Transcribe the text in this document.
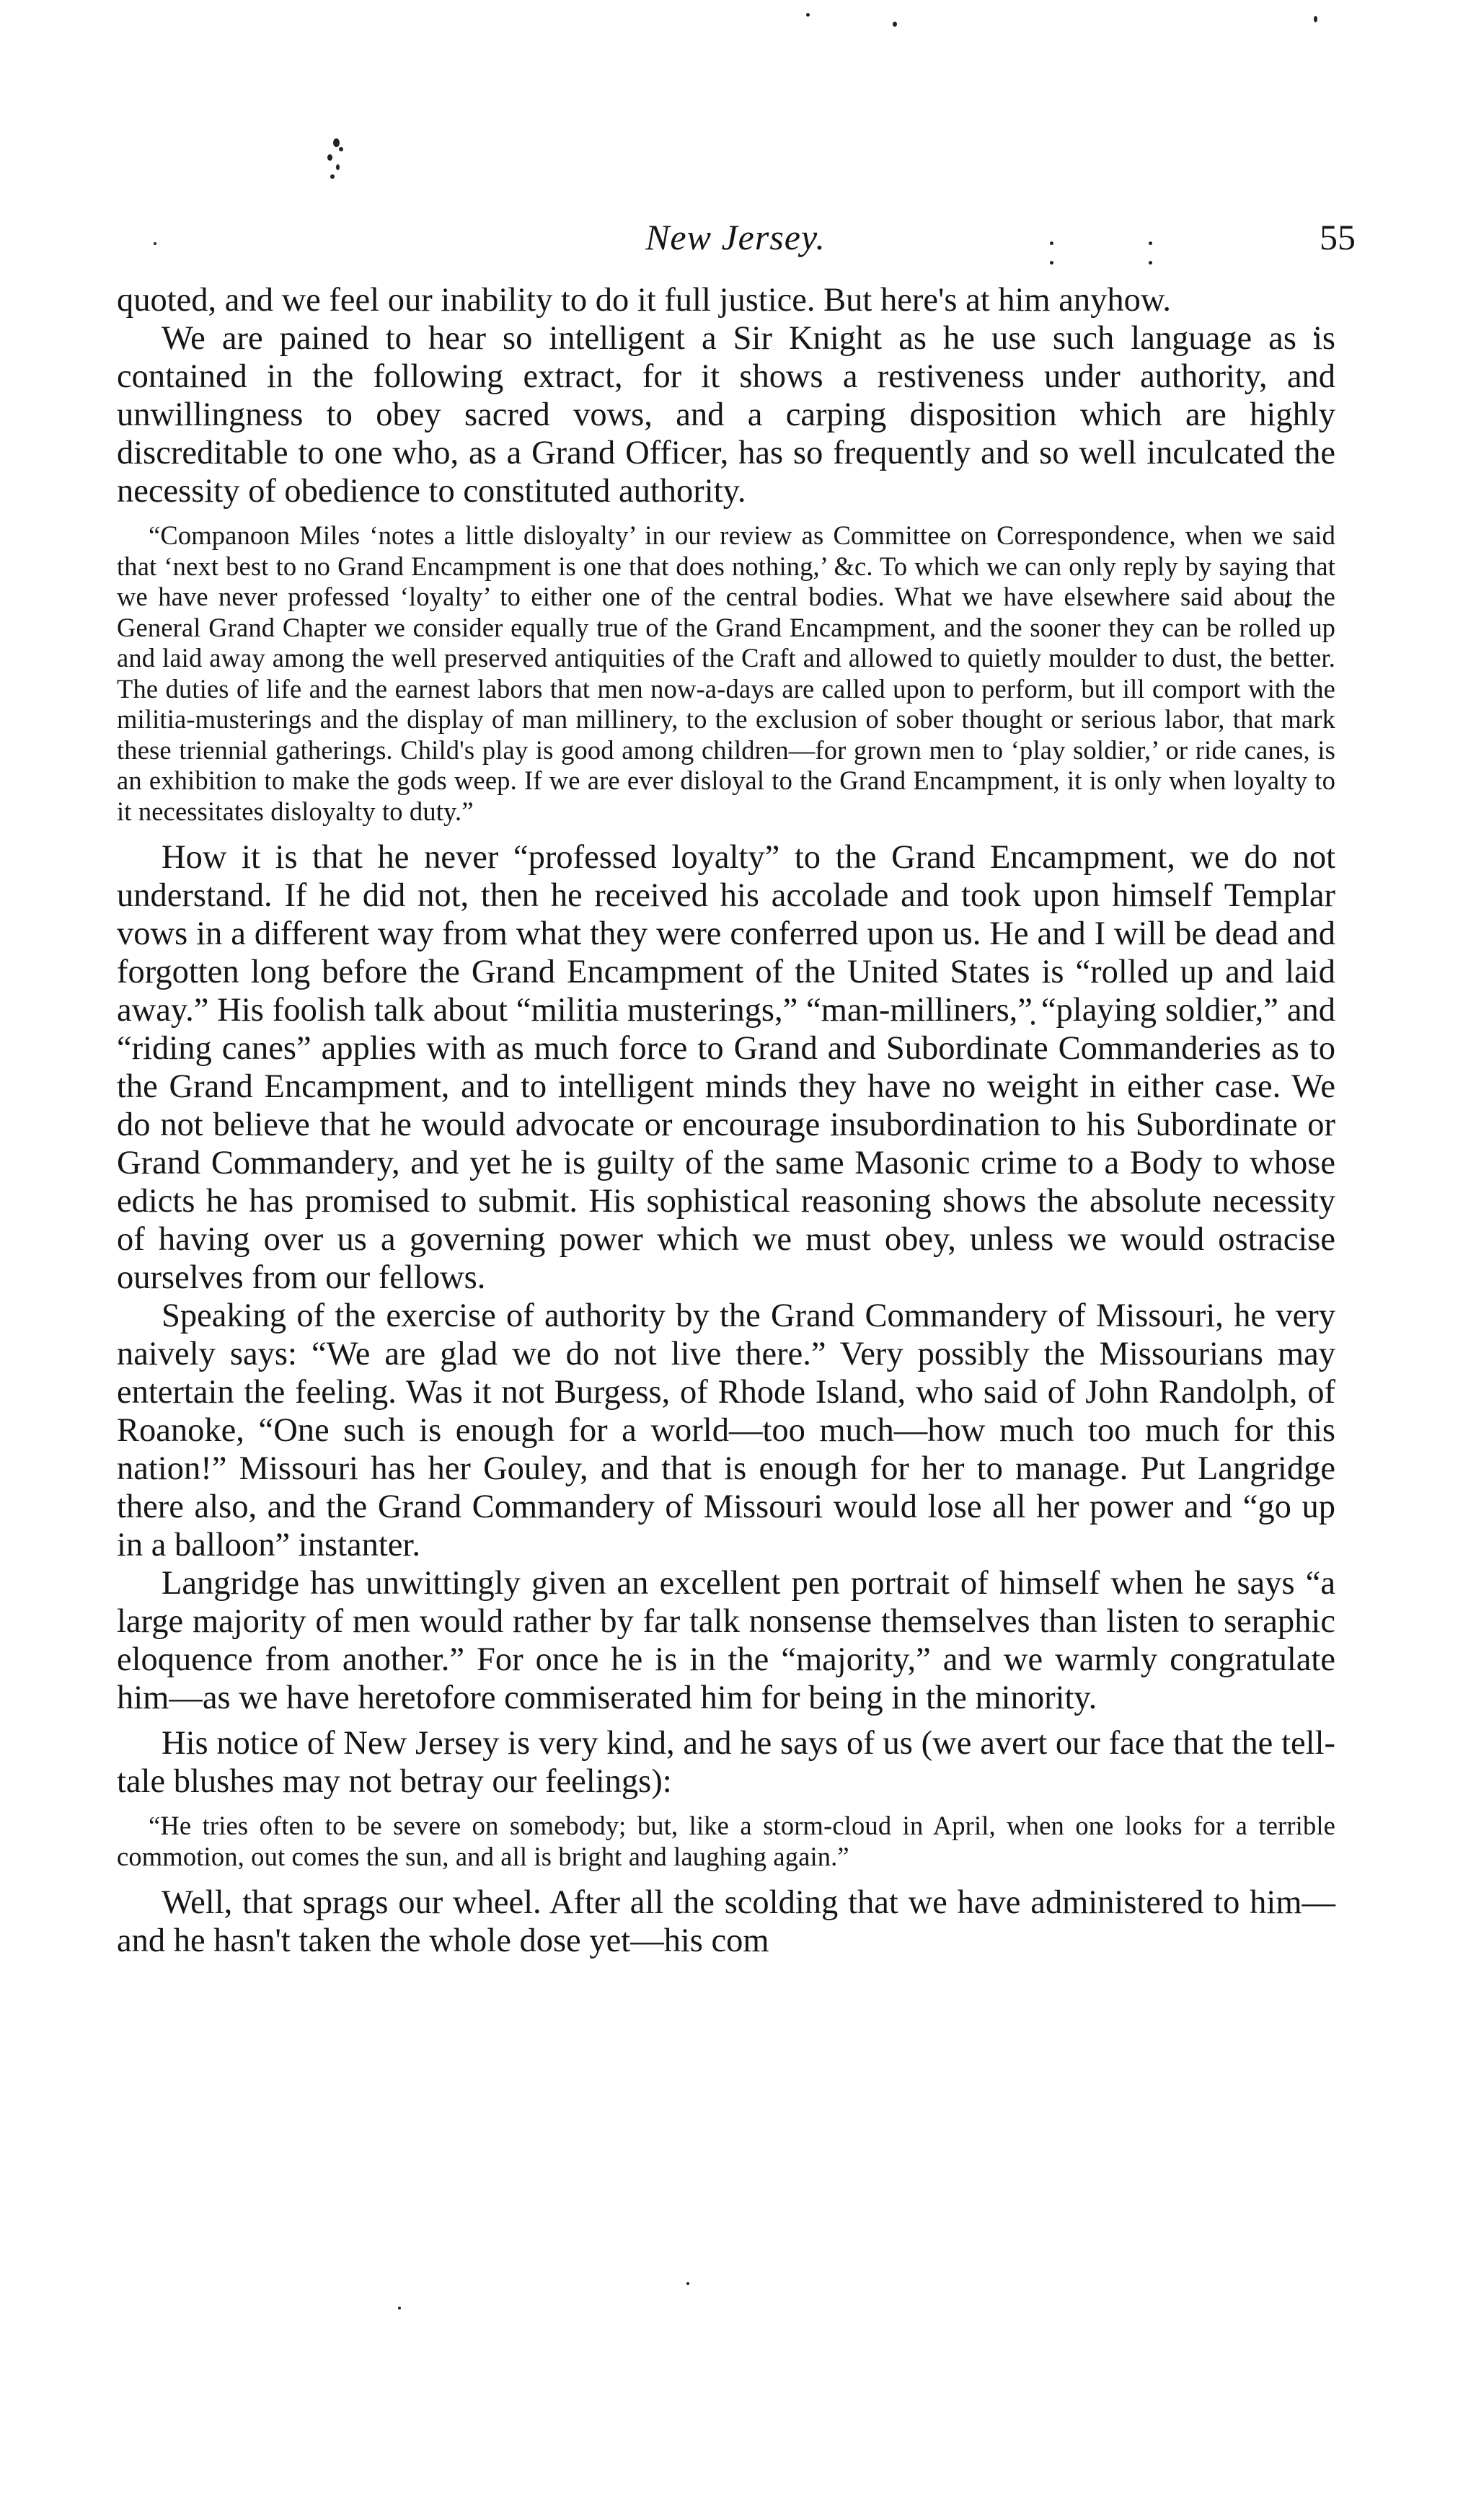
New Jersey.	55

quoted, and we feel our inability to do it full justice. But here's at him anyhow.

We are pained to hear so intelligent a Sir Knight as he use such language as is contained in the following extract, for it shows a restiveness under authority, and unwillingness to obey sacred vows, and a carping disposition which are highly discreditable to one who, as a Grand Officer, has so frequently and so well inculcated the necessity of obedience to constituted authority.

“Companoon Miles ‘notes a little disloyalty’ in our review as Committee on Correspondence, when we said that ‘next best to no Grand Encampment is one that does nothing,’ &c. To which we can only reply by saying that we have never professed ‘loyalty’ to either one of the central bodies. What we have elsewhere said about the General Grand Chapter we consider equally true of the Grand Encampment, and the sooner they can be rolled up and laid away among the well preserved antiquities of the Craft and allowed to quietly moulder to dust, the better. The duties of life and the earnest labors that men now-a-days are called upon to perform, but ill comport with the militia-musterings and the display of man millinery, to the exclusion of sober thought or serious labor, that mark these triennial gatherings. Child's play is good among children—for grown men to ‘play soldier,’ or ride canes, is an exhibition to make the gods weep. If we are ever disloyal to the Grand Encampment, it is only when loyalty to it necessitates disloyalty to duty.”

How it is that he never “professed loyalty” to the Grand Encampment, we do not understand. If he did not, then he received his accolade and took upon himself Templar vows in a different way from what they were conferred upon us. He and I will be dead and forgotten long before the Grand Encampment of the United States is “rolled up and laid away.” His foolish talk about “militia musterings,” “man-milliners,” “playing soldier,” and “riding canes” applies with as much force to Grand and Subordinate Commanderies as to the Grand Encampment, and to intelligent minds they have no weight in either case. We do not believe that he would advocate or encourage insubordination to his Subordinate or Grand Commandery, and yet he is guilty of the same Masonic crime to a Body to whose edicts he has promised to submit. His sophistical reasoning shows the absolute necessity of having over us a governing power which we must obey, unless we would ostracise ourselves from our fellows.

Speaking of the exercise of authority by the Grand Commandery of Missouri, he very naively says: “We are glad we do not live there.” Very possibly the Missourians may entertain the feeling. Was it not Burgess, of Rhode Island, who said of John Randolph, of Roanoke, “One such is enough for a world—too much—how much too much for this nation!” Missouri has her Gouley, and that is enough for her to manage. Put Langridge there also, and the Grand Commandery of Missouri would lose all her power and “go up in a balloon” instanter.

Langridge has unwittingly given an excellent pen portrait of himself when he says “a large majority of men would rather by far talk nonsense themselves than listen to seraphic eloquence from another.” For once he is in the “majority,” and we warmly congratulate him—as we have heretofore commiserated him for being in the minority.

His notice of New Jersey is very kind, and he says of us (we avert our face that the tell-tale blushes may not betray our feelings):

“He tries often to be severe on somebody; but, like a storm-cloud in April, when one looks for a terrible commotion, out comes the sun, and all is bright and laughing again.”

Well, that sprags our wheel. After all the scolding that we have administered to him—and he hasn't taken the whole dose yet—his com
